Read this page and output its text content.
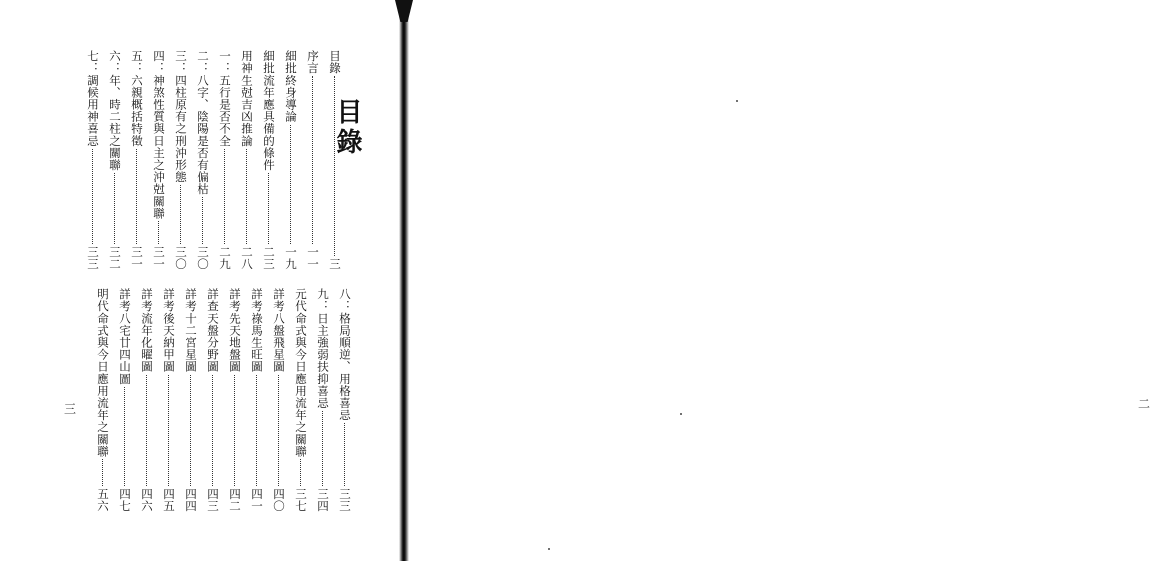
目錄
目錄
三
序言
一一
細批終身導論
一九
細批流年應具備的條件
二三
用神生尅吉凶推論
二八
一：五行是否不全
二九
二：八字、陰陽是否有偏枯
三〇
三：四柱原有之刑沖形態
三〇
四：神煞性質與日主之沖尅關聯
三一
五：六親概括特徵
三一
六：年、時二柱之關聯
三二
七：調候用神喜忌
三三
八：格局順逆、用格喜忌
三三
九：日主強弱扶抑喜忌
三四
元代命式與今日應用流年之關聯
三七
詳考八盤飛星圖
四〇
詳考祿馬生旺圖
四一
詳考先天地盤圖
四二
詳查天盤分野圖
四三
詳考十二宮星圖
四四
詳考後天納甲圖
四五
詳考流年化曜圖
四六
詳考八宅廿四山圖
四七
明代命式與今日應用流年之關聯
五六
三	二
